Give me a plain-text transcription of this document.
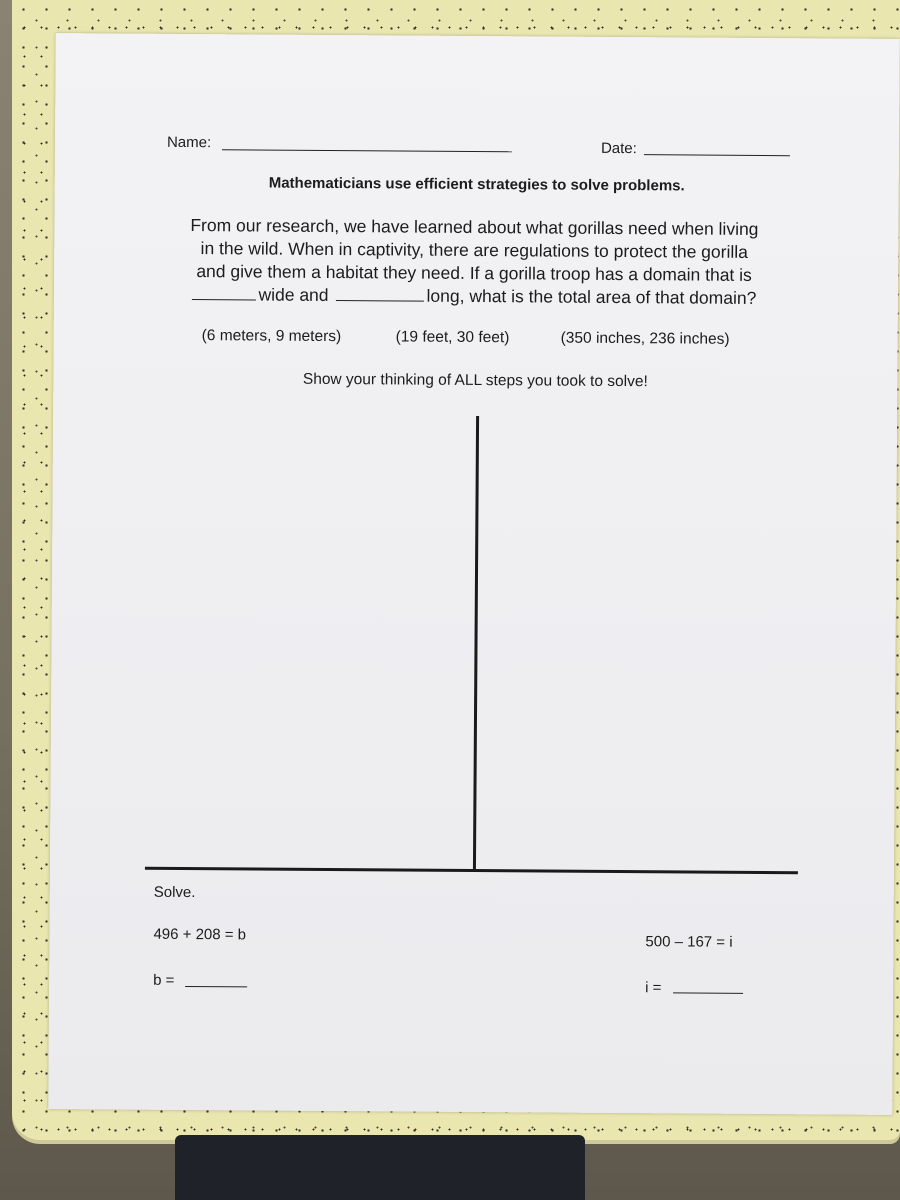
Name:	Date:
Mathematicians use efficient strategies to solve problems.
From our research, we have learned about what gorillas need when living
in the wild. When in captivity, there are regulations to protect the gorilla
and give them a habitat they need. If a gorilla troop has a domain that is
wide and	long, what is the total area of that domain?
(6 meters, 9 meters)	(19 feet, 30 feet)	(350 inches, 236 inches)
Show your thinking of ALL steps you took to solve!
Solve.
496 + 208 = b	500 – 167 = i
b =	i =
